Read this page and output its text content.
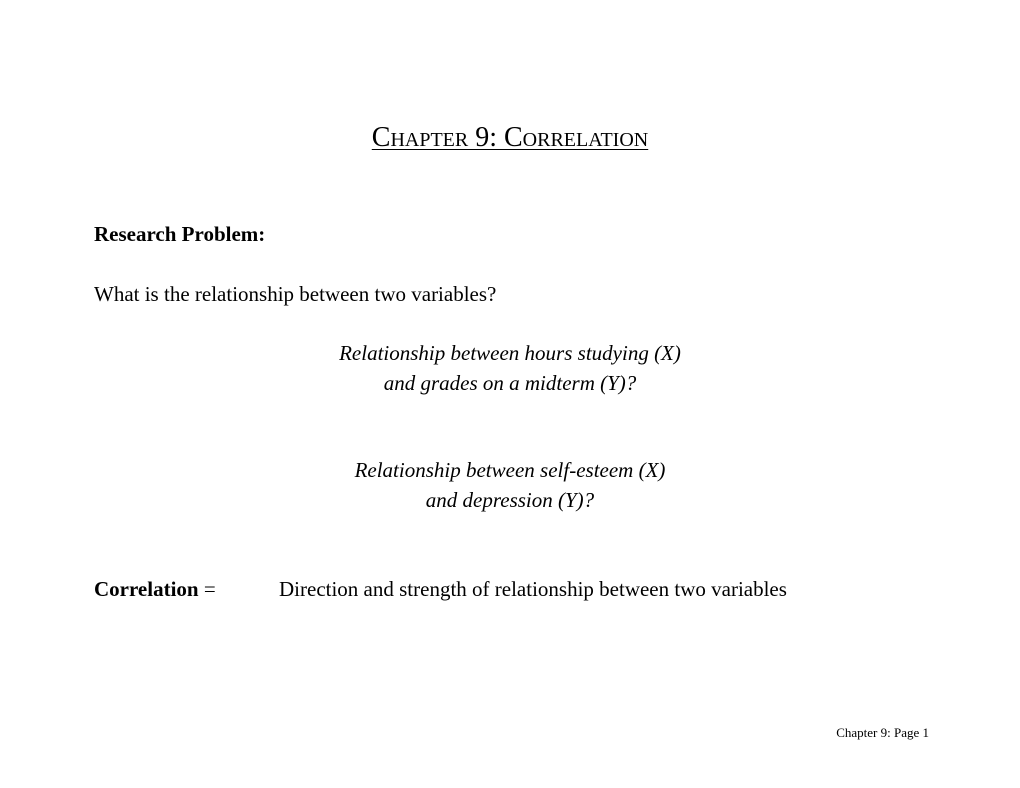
Chapter 9: Correlation
Research Problem:
What is the relationship between two variables?
Relationship between hours studying (X)
and grades on a midterm (Y)?
Relationship between self-esteem (X)
and depression (Y)?
Correlation =	Direction and strength of relationship between two variables
Chapter 9: Page 1
